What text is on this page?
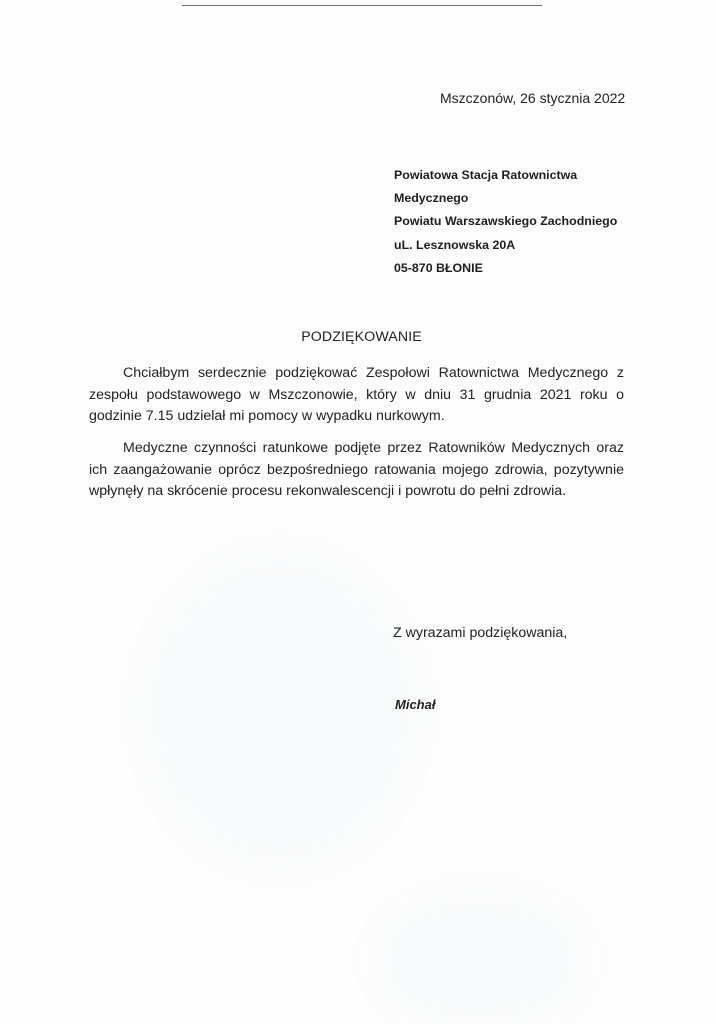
Mszczonów, 26 stycznia 2022
Powiatowa Stacja Ratownictwa
Medycznego
Powiatu Warszawskiego Zachodniego
uL. Lesznowska 20A
05-870 BŁONIE
PODZIĘKOWANIE

Chciałbym serdecznie podziękować Zespołowi Ratownictwa Medycznego z zespołu podstawowego w Mszczonowie, który w dniu 31 grudnia 2021 roku o godzinie 7.15 udzielał mi pomocy w wypadku nurkowym.

Medyczne czynności ratunkowe podjęte przez Ratowników Medycznych oraz ich zaangażowanie oprócz bezpośredniego ratowania mojego zdrowia, pozytywnie wpłynęły na skrócenie procesu rekonwalescencji i powrotu do pełni zdrowia.

Z wyrazami podziękowania,
Michał
